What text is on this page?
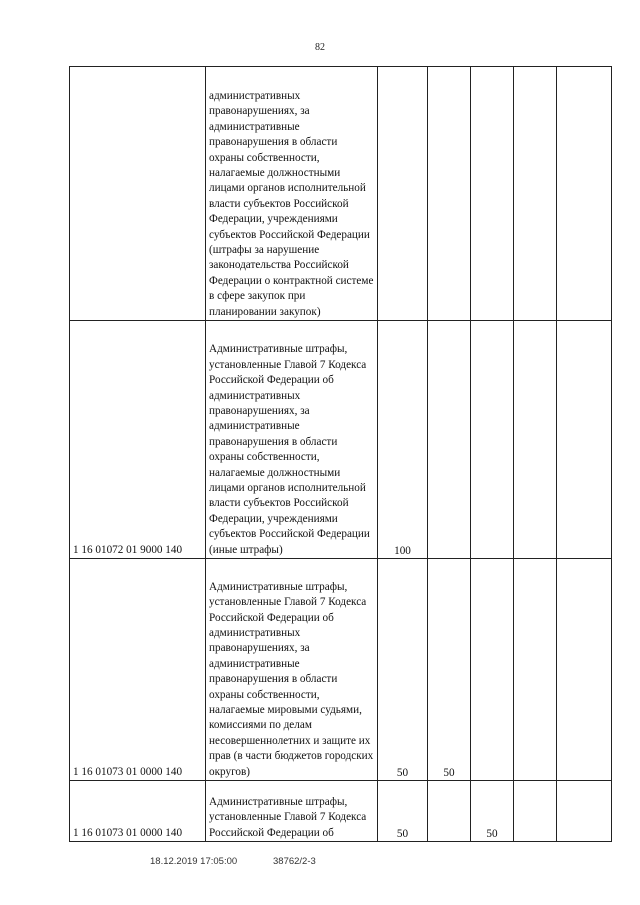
82
	административных правонарушениях, за административные правонарушения в области охраны собственности, налагаемые должностными лицами органов исполнительной власти субъектов Российской Федерации, учреждениями субъектов Российской Федерации (штрафы за нарушение законодательства Российской Федерации о контрактной системе в сфере закупок при планировании закупок)					
1 16 01072 01 9000 140	Административные штрафы, установленные Главой 7 Кодекса Российской Федерации об административных правонарушениях, за административные правонарушения в области охраны собственности, налагаемые должностными лицами органов исполнительной власти субъектов Российской Федерации, учреждениями субъектов Российской Федерации (иные штрафы)	100				
1 16 01073 01 0000 140	Административные штрафы, установленные Главой 7 Кодекса Российской Федерации об административных правонарушениях, за административные правонарушения в области охраны собственности, налагаемые мировыми судьями, комиссиями по делам несовершеннолетних и защите их прав (в части бюджетов городских округов)	50	50			
1 16 01073 01 0000 140	Административные штрафы, установленные Главой 7 Кодекса Российской Федерации об	50		50		
18.12.2019 17:05:00	38762/2-3
